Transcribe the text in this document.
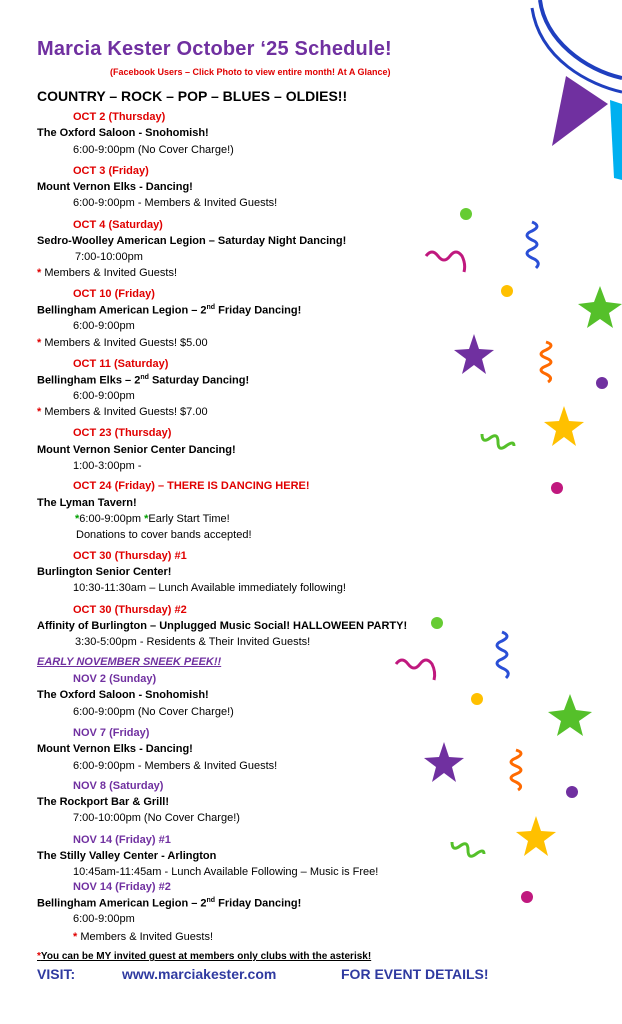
Marcia Kester October ‘25 Schedule!
(Facebook Users – Click Photo to view entire month! At A Glance)
COUNTRY – ROCK – POP – BLUES – OLDIES!!
OCT 2 (Thursday)
The Oxford Saloon - Snohomish!
6:00-9:00pm (No Cover Charge!)
OCT 3 (Friday)
Mount Vernon Elks - Dancing!
6:00-9:00pm - Members & Invited Guests!
OCT 4 (Saturday)
Sedro-Woolley American Legion – Saturday Night Dancing!
7:00-10:00pm
* Members & Invited Guests!
OCT 10 (Friday)
Bellingham American Legion – 2nd Friday Dancing!
6:00-9:00pm
* Members & Invited Guests! $5.00
OCT 11 (Saturday)
Bellingham Elks – 2nd Saturday Dancing!
6:00-9:00pm
* Members & Invited Guests! $7.00
OCT 23 (Thursday)
Mount Vernon Senior Center Dancing!
1:00-3:00pm -
OCT 24 (Friday) – THERE IS DANCING HERE!
The Lyman Tavern!
*6:00-9:00pm *Early Start Time!
Donations to cover bands accepted!
OCT 30 (Thursday) #1
Burlington Senior Center!
10:30-11:30am – Lunch Available immediately following!
OCT 30 (Thursday) #2
Affinity of Burlington – Unplugged Music Social! HALLOWEEN PARTY!
3:30-5:00pm - Residents & Their Invited Guests!
EARLY NOVEMBER SNEEK PEEK!!
NOV 2 (Sunday)
The Oxford Saloon - Snohomish!
6:00-9:00pm (No Cover Charge!)
NOV 7 (Friday)
Mount Vernon Elks - Dancing!
6:00-9:00pm - Members & Invited Guests!
NOV 8 (Saturday)
The Rockport Bar & Grill!
7:00-10:00pm (No Cover Charge!)
NOV 14 (Friday) #1
The Stilly Valley Center - Arlington
10:45am-11:45am - Lunch Available Following – Music is Free!
NOV 14 (Friday) #2
Bellingham American Legion – 2nd Friday Dancing!
6:00-9:00pm
* Members & Invited Guests!
*You can be MY invited guest at members only clubs with the asterisk!
VISIT:	www.marciakester.com	FOR EVENT DETAILS!
